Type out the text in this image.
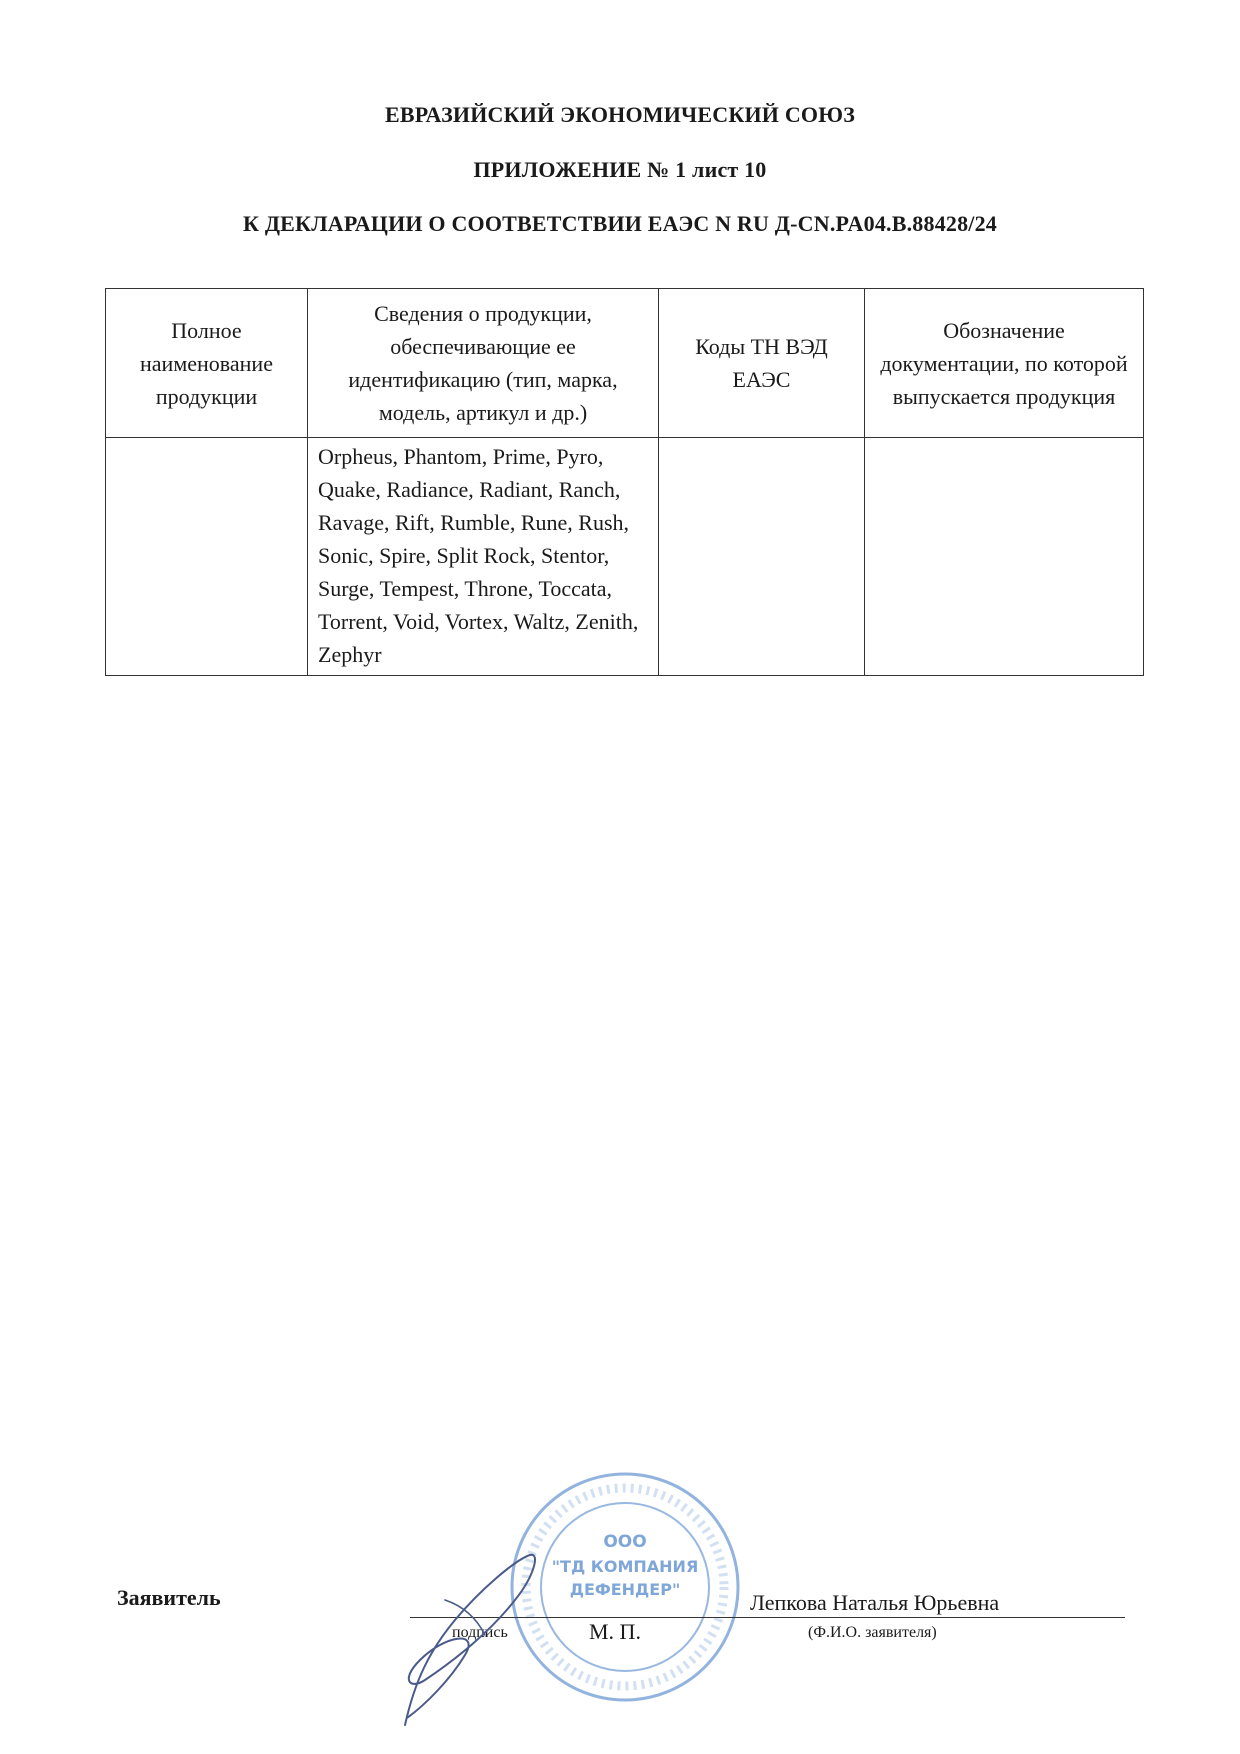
ЕВРАЗИЙСКИЙ ЭКОНОМИЧЕСКИЙ СОЮЗ
ПРИЛОЖЕНИЕ № 1 лист 10
К ДЕКЛАРАЦИИ О СООТВЕТСТВИИ ЕАЭС N RU Д-CN.PA04.B.88428/24
Полное наименование продукции	Сведения о продукции, обеспечивающие ее идентификацию (тип, марка, модель, артикул и др.)	Коды ТН ВЭД ЕАЭС	Обозначение документации, по которой выпускается продукция
	Orpheus, Phantom, Prime, Pyro, Quake, Radiance, Radiant, Ranch, Ravage, Rift, Rumble, Rune, Rush, Sonic, Spire, Split Rock, Stentor, Surge, Tempest, Throne, Toccata, Torrent, Void, Vortex, Waltz, Zenith, Zephyr		
ООО
"ТД КОМПАНИЯ
ДЕФЕНДЕР"
Заявитель	Лепкова Наталья Юрьевна
подпись	М. П.	(Ф.И.О. заявителя)
